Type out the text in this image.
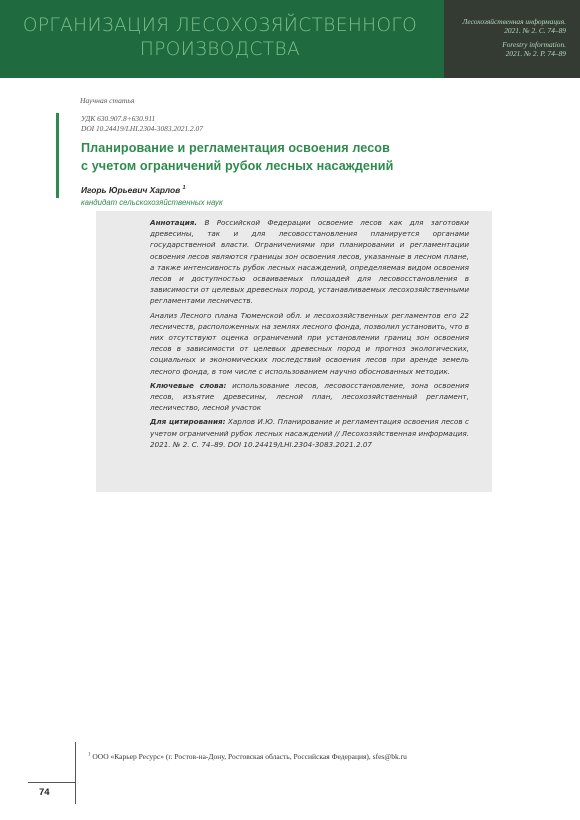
ОРГАНИЗАЦИЯ ЛЕСОХОЗЯЙСТВЕННОГО
ПРОИЗВОДСТВА
Лесохозяйственная информация.
2021. № 2. С. 74–89
Forestry information.
2021. № 2. P. 74–89
Научная статья
УДК 630.907.8+630.911
DOI 10.24419/LHI.2304-3083.2021.2.07
Планирование и регламентация освоения лесов
с учетом ограничений рубок лесных насаждений
Игорь Юрьевич Харлов $^1$
кандидат сельскохозяйственных наук

Аннотация. В Российской Федерации освоение лесов как для заготовки древесины, так и для лесовосстановления планируется органами государственной власти. Ограничениями при планировании и регламентации освоения лесов являются границы зон освоения лесов, указанные в лесном плане, а также интенсивность рубок лесных насаждений, определяемая видом освоения лесов и доступностью осваиваемых площадей для лесовосстановления в зависимости от целевых древесных пород, устанавливаемых лесохозяйственными регламентами лесничеств.

Анализ Лесного плана Тюменской обл. и лесохозяйственных регламентов его 22 лесничеств, расположенных на землях лесного фонда, позволил установить, что в них отсутствуют оценка ограничений при установлении границ зон освоения лесов в зависимости от целевых древесных пород и прогноз экологических, социальных и экономических последствий освоения лесов при аренде земель лесного фонда, в том числе с использованием научно обоснованных методик.

Ключевые слова: использование лесов, лесовосстановление, зона освоения лесов, изъятие древесины, лесной план, лесохозяйственный регламент, лесничество, лесной участок

Для цитирования: Харлов И.Ю. Планирование и регламентация освоения лесов с учетом ограничений рубок лесных насаждений // Лесохозяйственная информация. 2021. № 2. С. 74–89. DOI 10.24419/LHI.2304-3083.2021.2.07

$^1$ ООО «Карьер Ресурс» (г. Ростов-на-Дону, Ростовская область, Российская Федерация), sfes@bk.ru
74
